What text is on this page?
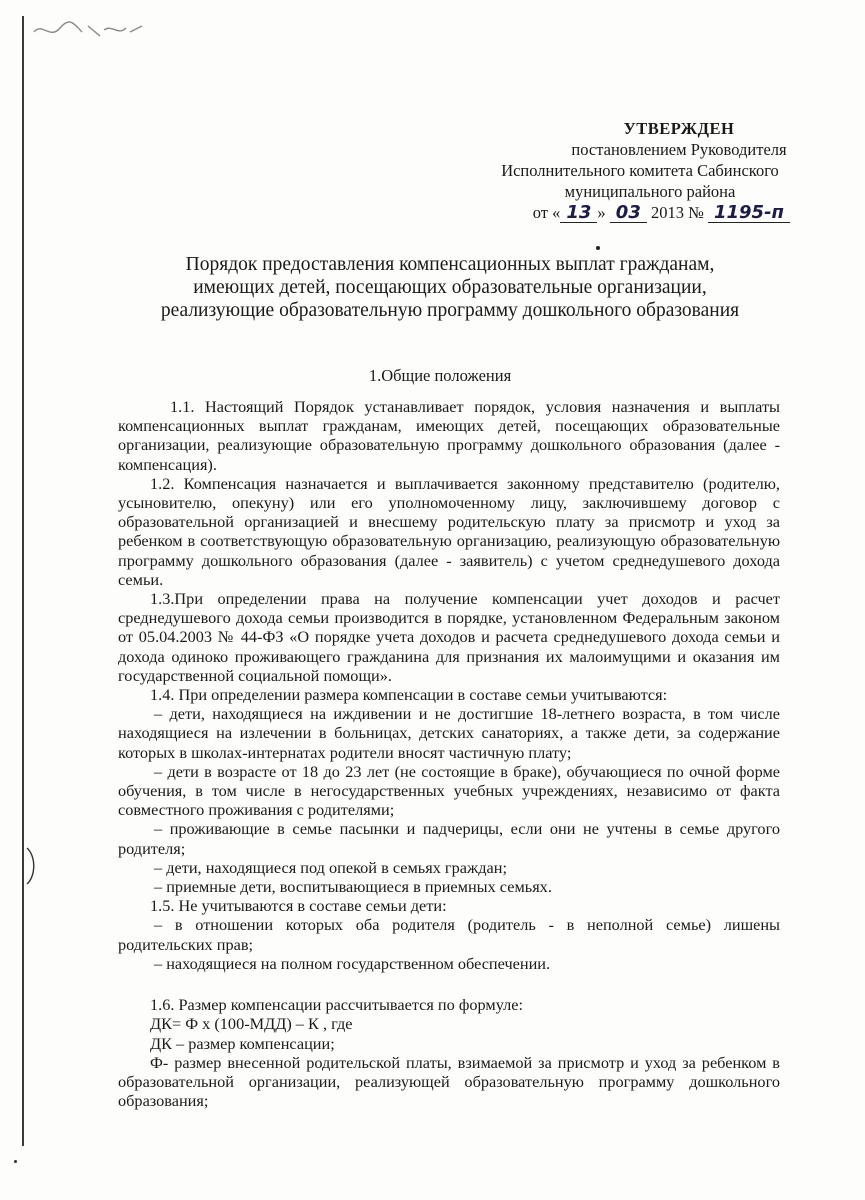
УТВЕРЖДЕН
постановлением Руководителя
Исполнительного комитета Сабинского
муниципального района
от « 13 » 03 2013 № 1195-п
Порядок предоставления компенсационных выплат гражданам, имеющих детей, посещающих образовательные организации, реализующие образовательную программу дошкольного образования
1.Общие положения

1.1. Настоящий Порядок устанавливает порядок, условия назначения и выплаты компенсационных выплат гражданам, имеющих детей, посещающих образовательные организации, реализующие образовательную программу дошкольного образования (далее - компенсация).

1.2. Компенсация назначается и выплачивается законному представителю (родителю, усыновителю, опекуну) или его уполномоченному лицу, заключившему договор с образовательной организацией и внесшему родительскую плату за присмотр и уход за ребенком в соответствующую образовательную организацию, реализующую образовательную программу дошкольного образования (далее - заявитель) с учетом среднедушевого дохода семьи.

1.3.При определении права на получение компенсации учет доходов и расчет среднедушевого дохода семьи производится в порядке, установленном Федеральным законом от 05.04.2003 № 44-ФЗ «О порядке учета доходов и расчета среднедушевого дохода семьи и дохода одиноко проживающего гражданина для признания их малоимущими и оказания им государственной социальной помощи».

1.4. При определении размера компенсации в составе семьи учитываются:

– дети, находящиеся на иждивении и не достигшие 18-летнего возраста, в том числе находящиеся на излечении в больницах, детских санаториях, а также дети, за содержание которых в школах-интернатах родители вносят частичную плату;

– дети в возрасте от 18 до 23 лет (не состоящие в браке), обучающиеся по очной форме обучения, в том числе в негосударственных учебных учреждениях, независимо от факта совместного проживания с родителями;

– проживающие в семье пасынки и падчерицы, если они не учтены в семье другого родителя;

– дети, находящиеся под опекой в семьях граждан;

– приемные дети, воспитывающиеся в приемных семьях.

1.5. Не учитываются в составе семьи дети:

– в отношении которых оба родителя (родитель - в неполной семье) лишены родительских прав;

– находящиеся на полном государственном обеспечении.

1.6. Размер компенсации рассчитывается по формуле:

ДК= Ф х (100-МДД) – К , где

ДК – размер компенсации;

Ф- размер внесенной родительской платы, взимаемой за присмотр и уход за ребенком в образовательной организации, реализующей образовательную программу дошкольного образования;
